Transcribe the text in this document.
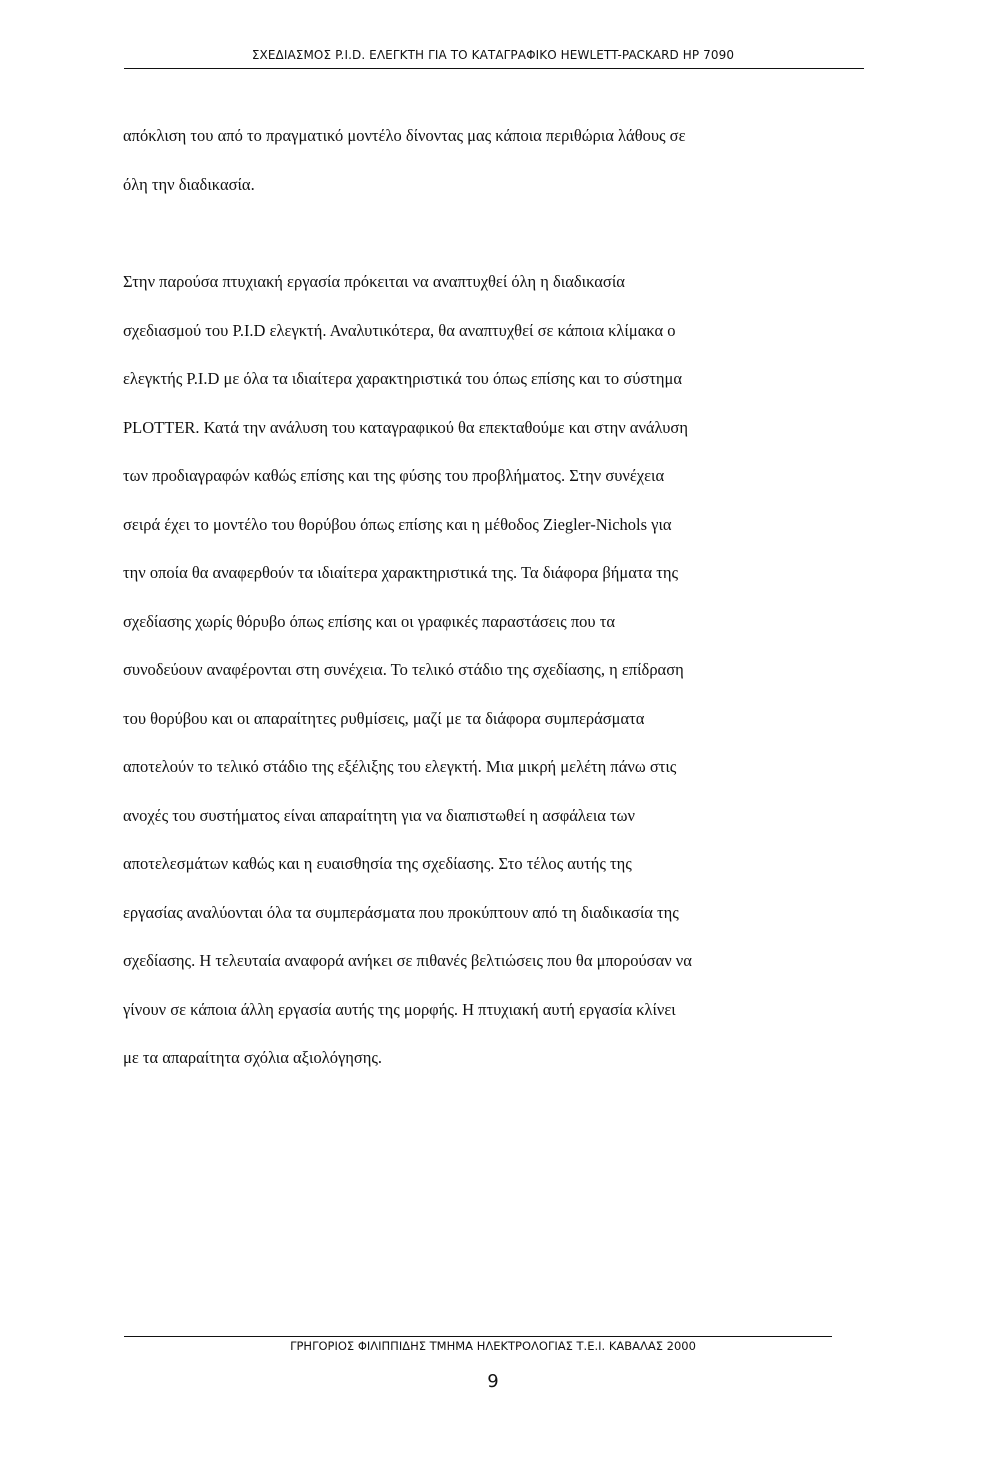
ΣΧΕΔΙΑΣΜΟΣ P.I.D. ΕΛΕΓΚΤΗ ΓΙΑ ΤΟ ΚΑΤΑΓΡΑΦΙΚΟ HEWLETT-PACKARD HP 7090
απόκλιση του από το πραγματικό μοντέλο δίνοντας μας κάποια περιθώρια λάθους σε
όλη την διαδικασία.
Στην παρούσα πτυχιακή εργασία πρόκειται να αναπτυχθεί όλη η διαδικασία
σχεδιασμού του P.I.D ελεγκτή. Αναλυτικότερα, θα αναπτυχθεί σε κάποια κλίμακα ο
ελεγκτής P.I.D με όλα τα ιδιαίτερα χαρακτηριστικά του όπως επίσης και το σύστημα
PLOTTER. Κατά την ανάλυση του καταγραφικού θα επεκταθούμε και στην ανάλυση
των προδιαγραφών καθώς επίσης και της φύσης του προβλήματος. Στην συνέχεια
σειρά έχει το μοντέλο του θορύβου όπως επίσης και η μέθοδος Ziegler-Nichols για
την οποία θα αναφερθούν τα ιδιαίτερα χαρακτηριστικά της. Τα διάφορα βήματα της
σχεδίασης χωρίς θόρυβο όπως επίσης και οι γραφικές παραστάσεις που τα
συνοδεύουν αναφέρονται στη συνέχεια. Το τελικό στάδιο της σχεδίασης, η επίδραση
του θορύβου και οι απαραίτητες ρυθμίσεις, μαζί με τα διάφορα συμπεράσματα
αποτελούν το τελικό στάδιο της εξέλιξης του ελεγκτή. Μια μικρή μελέτη πάνω στις
ανοχές του συστήματος είναι απαραίτητη για να διαπιστωθεί η ασφάλεια των
αποτελεσμάτων καθώς και η ευαισθησία της σχεδίασης. Στο τέλος αυτής της
εργασίας αναλύονται όλα τα συμπεράσματα που προκύπτουν από τη διαδικασία της
σχεδίασης. Η τελευταία αναφορά ανήκει σε πιθανές βελτιώσεις που θα μπορούσαν να
γίνουν σε κάποια άλλη εργασία αυτής της μορφής. Η πτυχιακή αυτή εργασία κλίνει
με τα απαραίτητα σχόλια αξιολόγησης.
ΓΡΗΓΟΡΙΟΣ ΦΙΛΙΠΠΙΔΗΣ ΤΜΗΜΑ ΗΛΕΚΤΡΟΛΟΓΙΑΣ Τ.Ε.Ι. ΚΑΒΑΛΑΣ 2000
9
